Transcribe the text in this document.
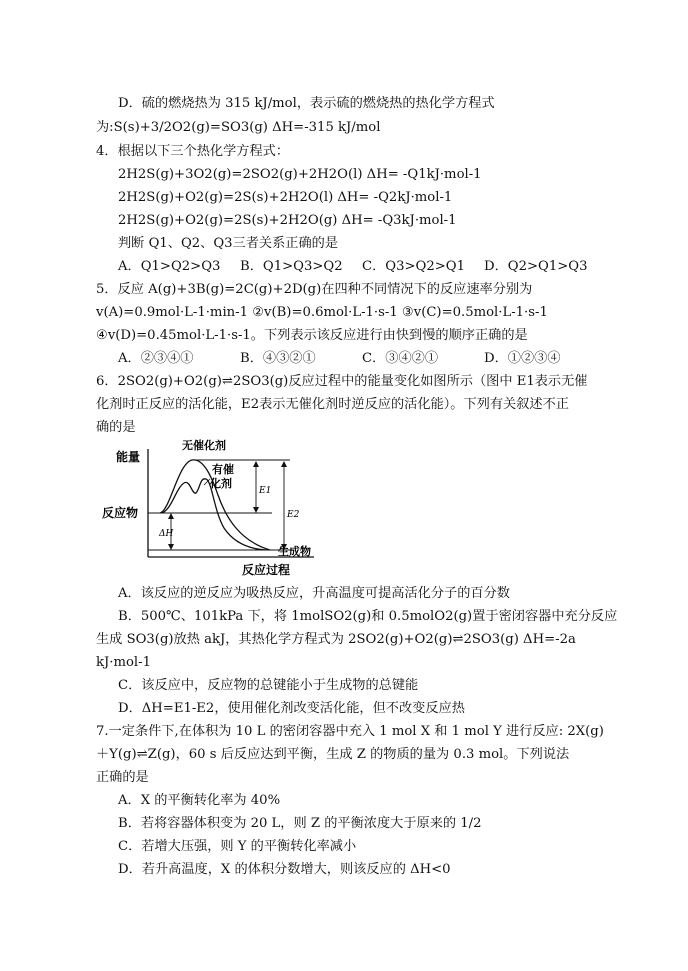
D．硫的燃烧热为 315 kJ/mol，表示硫的燃烧热的热化学方程式
为:S(s)+3/2O2(g)=SO3(g) ΔH=-315 kJ/mol
4．根据以下三个热化学方程式：
2H2S(g)+3O2(g)=2SO2(g)+2H2O(l) ΔH= -Q1kJ·mol-1
2H2S(g)+O2(g)=2S(s)+2H2O(l) ΔH= -Q2kJ·mol-1
2H2S(g)+O2(g)=2S(s)+2H2O(g) ΔH= -Q3kJ·mol-1
判断 Q1、Q2、Q3三者关系正确的是
A．Q1>Q2>Q3 B．Q1>Q3>Q2 C．Q3>Q2>Q1 D．Q2>Q1>Q3
5．反应 A(g)+3B(g)=2C(g)+2D(g)在四种不同情况下的反应速率分别为
v(A)=0.9mol·L-1·min-1 ②v(B)=0.6mol·L-1·s-1 ③v(C)=0.5mol·L-1·s-1
④v(D)=0.45mol·L-1·s-1。下列表示该反应进行由快到慢的顺序正确的是
A．②③④①	B．④③②①	C．③④②①	D．①②③④
6．2SO2(g)+O2(g)⇌2SO3(g)反应过程中的能量变化如图所示（图中 E1表示无催
化剂时正反应的活化能，E2表示无催化剂时逆反应的活化能）。下列有关叙述不正
确的是
能量
E1
E2
ΔH
无催化剂
有催
化剂
反应物
生成物
反应过程
A．该反应的逆反应为吸热反应，升高温度可提高活化分子的百分数
B．500℃、101kPa 下，将 1molSO2(g)和 0.5molO2(g)置于密闭容器中充分反应
生成 SO3(g)放热 akJ，其热化学方程式为 2SO2(g)+O2(g)⇌2SO3(g) ΔH=-2a
kJ·mol-1
C．该反应中，反应物的总键能小于生成物的总键能
D．ΔH=E1-E2，使用催化剂改变活化能，但不改变反应热
7.一定条件下,在体积为 10 L 的密闭容器中充入 1 mol X 和 1 mol Y 进行反应: 2X(g)
＋Y(g)⇌Z(g)，60 s 后反应达到平衡，生成 Z 的物质的量为 0.3 mol。下列说法
正确的是
A．X 的平衡转化率为 40%
B．若将容器体积变为 20 L，则 Z 的平衡浓度大于原来的 1/2
C．若增大压强，则 Y 的平衡转化率减小
D．若升高温度，X 的体积分数增大，则该反应的 ΔH<0
